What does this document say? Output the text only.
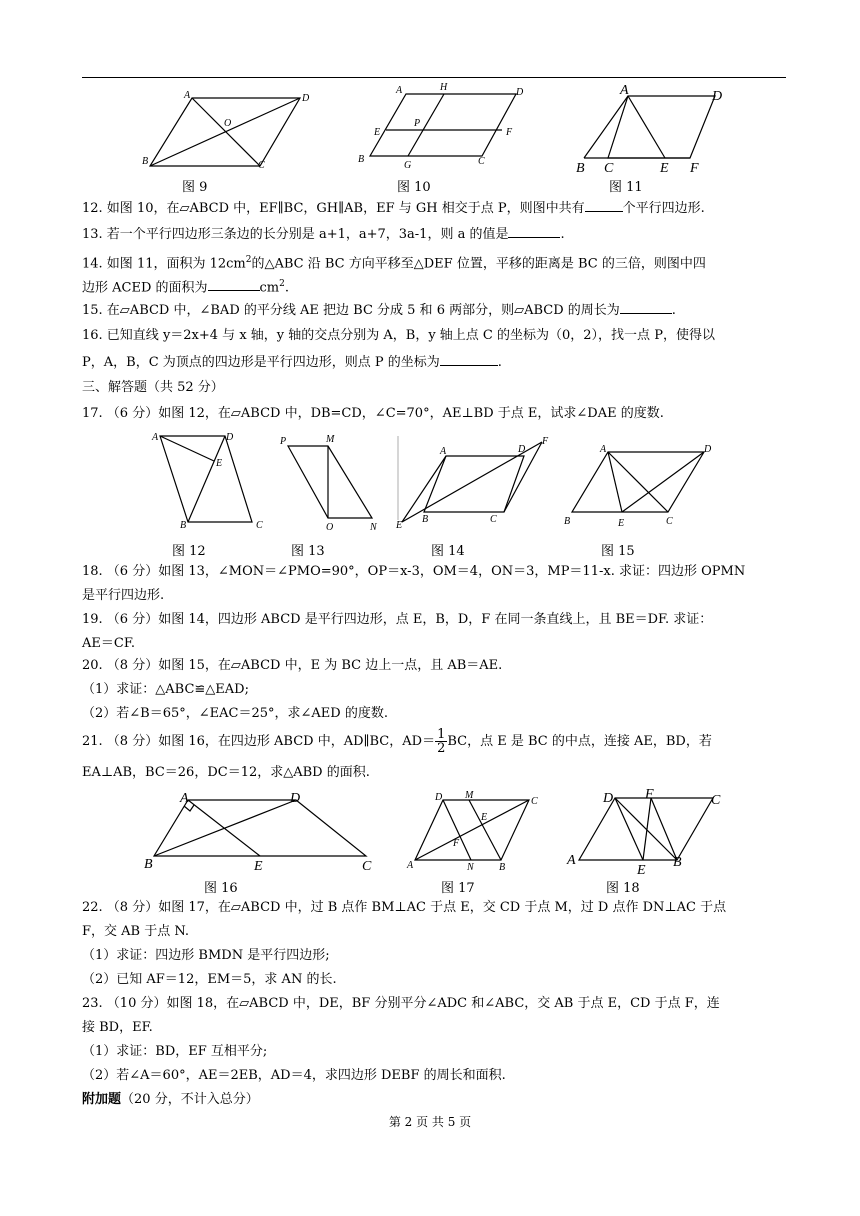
A	D
O
B	C
图 9
A	H	D
E
P
F
B
G	C
图 10
A	D
B C	E F
图 11
12. 如图 10，在▱ABCD 中，EF∥BC，GH∥AB，EF 与 GH 相交于点 P，则图中共有	个平行四边形.
13. 若一个平行四边形三条边的长分别是 a+1，a+7，3a-1，则 a 的值是	.
14. 如图 11，面积为 $12cm^2$的△ABC 沿 BC 方向平移至△DEF 位置，平移的距离是 BC 的三倍，则图中四
边形 ACED 的面积为	$cm^2$.
15. 在▱ABCD 中，∠BAD 的平分线 AE 把边 BC 分成 5 和 6 两部分，则▱ABCD 的周长为	.
16. 已知直线 y＝2x+4 与 x 轴，y 轴的交点分别为 A，B，y 轴上点 C 的坐标为（0，2），找一点 P，使得以
P，A，B，C 为顶点的四边形是平行四边形，则点 P 的坐标为	.
三、解答题（共 52 分）
17. （6 分）如图 12，在▱ABCD 中，DB=CD，∠C=70°，AE⊥BD 于点 E，试求∠DAE 的度数.
A	D
E
B	C
图 12
P	M
O	N
图 13
A	D
F
E
B	C
图 14
A	D
B	E	C
图 15
18. （6 分）如图 13，∠MON＝∠PMO=90°，OP＝x-3，OM＝4，ON＝3，MP＝11-x. 求证：四边形 OPMN
是平行四边形.
19. （6 分）如图 14，四边形 ABCD 是平行四边形，点 E，B，D，F 在同一条直线上，且 BE＝DF. 求证：
AE＝CF.
20. （8 分）如图 15，在▱ABCD 中，E 为 BC 边上一点，且 AB＝AE.
（1）求证：△ABC≌△EAD;
（2）若∠B＝65°，∠EAC＝25°，求∠AED 的度数.
21. （8 分）如图 16，在四边形 ABCD 中，AD∥BC，$AD= \frac{1}{2}$ BC，点 E 是 BC 的中点，连接 AE，BD，若
EA⊥AB，BC＝26，DC＝12，求△ABD 的面积.
A	D
B	E	C
图 16
D M
C
E
F
A	N	B
图 17
D F	C
A
E
B
图 18
22. （8 分）如图 17，在▱ABCD 中，过 B 点作 BM⊥AC 于点 E，交 CD 于点 M，过 D 点作 DN⊥AC 于点
F，交 AB 于点 N.
（1）求证：四边形 BMDN 是平行四边形;
（2）已知 AF＝12，EM＝5，求 AN 的长.
23. （10 分）如图 18，在▱ABCD 中，DE，BF 分别平分∠ADC 和∠ABC，交 AB 于点 E，CD 于点 F，连
接 BD，EF.
（1）求证：BD，EF 互相平分;
（2）若∠A＝60°，AE＝2EB，AD＝4，求四边形 DEBF 的周长和面积.
附加题（20 分，不计入总分）
第 2 页 共 5 页
